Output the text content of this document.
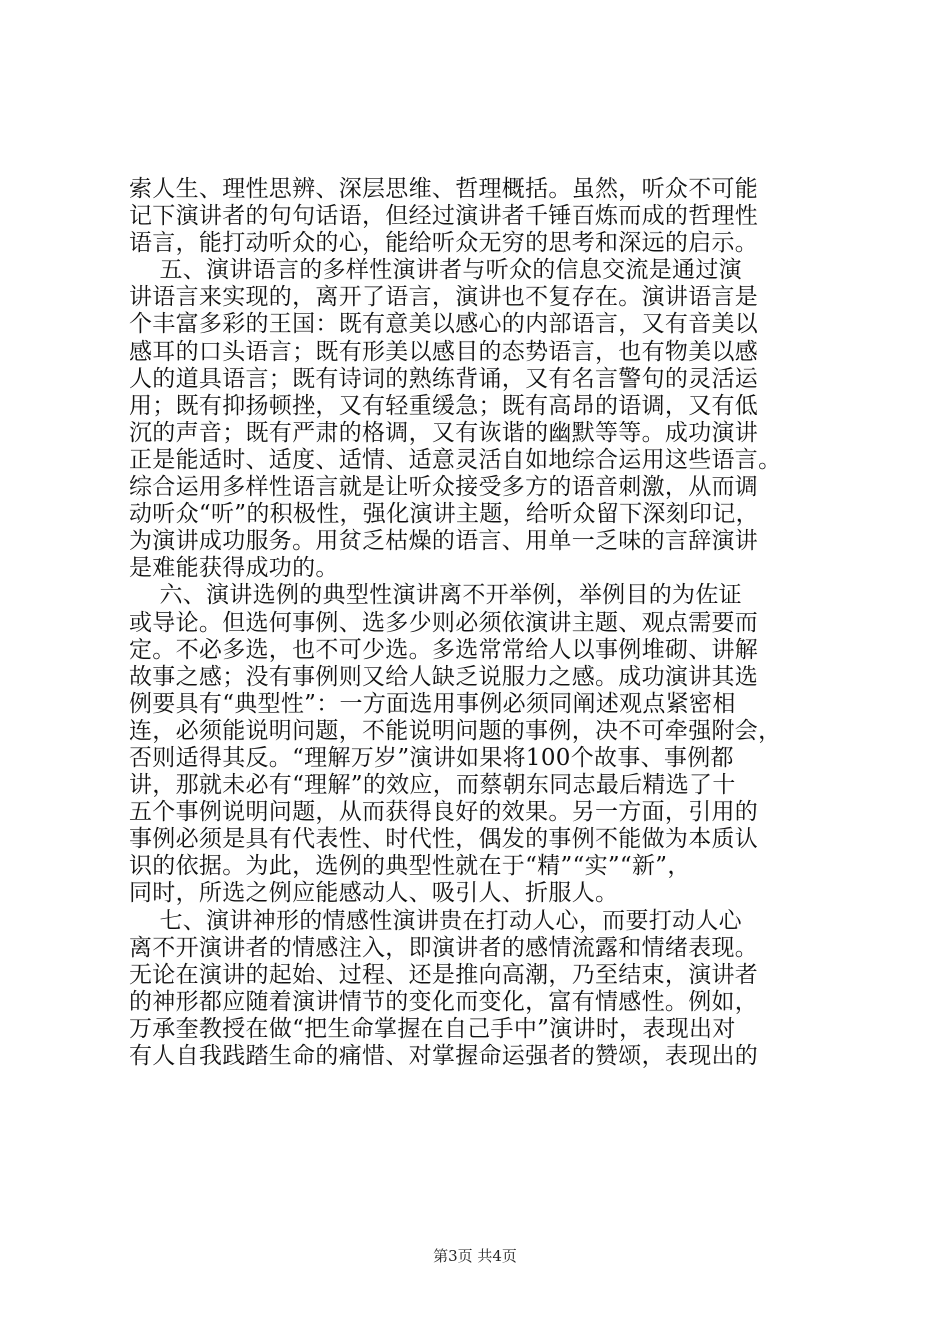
索人生、理性思辨、深层思维、哲理概括。虽然，听众不可能
记下演讲者的句句话语，但经过演讲者千锤百炼而成的哲理性
语言，能打动听众的心，能给听众无穷的思考和深远的启示。
五、演讲语言的多样性演讲者与听众的信息交流是通过演
讲语言来实现的，离开了语言，演讲也不复存在。演讲语言是
个丰富多彩的王国：既有意美以感心的内部语言，又有音美以
感耳的口头语言；既有形美以感目的态势语言，也有物美以感
人的道具语言；既有诗词的熟练背诵，又有名言警句的灵活运
用；既有抑扬顿挫，又有轻重缓急；既有高昂的语调，又有低
沉的声音；既有严肃的格调，又有诙谐的幽默等等。成功演讲
正是能适时、适度、适情、适意灵活自如地综合运用这些语言。
综合运用多样性语言就是让听众接受多方的语音刺激，从而调
动听众“听”的积极性，强化演讲主题，给听众留下深刻印记，
为演讲成功服务。用贫乏枯燥的语言、用单一乏味的言辞演讲
是难能获得成功的。
六、演讲选例的典型性演讲离不开举例，举例目的为佐证
或导论。但选何事例、选多少则必须依演讲主题、观点需要而
定。不必多选，也不可少选。多选常常给人以事例堆砌、讲解
故事之感；没有事例则又给人缺乏说服力之感。成功演讲其选
例要具有“典型性”：一方面选用事例必须同阐述观点紧密相
连，必须能说明问题，不能说明问题的事例，决不可牵强附会，
否则适得其反。“理解万岁”演讲如果将100个故事、事例都
讲，那就未必有“理解”的效应，而蔡朝东同志最后精选了十
五个事例说明问题，从而获得良好的效果。另一方面，引用的
事例必须是具有代表性、时代性，偶发的事例不能做为本质认
识的依据。为此，选例的典型性就在于“精”“实”“新”，
同时，所选之例应能感动人、吸引人、折服人。
七、演讲神形的情感性演讲贵在打动人心，而要打动人心
离不开演讲者的情感注入，即演讲者的感情流露和情绪表现。
无论在演讲的起始、过程、还是推向高潮，乃至结束，演讲者
的神形都应随着演讲情节的变化而变化，富有情感性。例如，
万承奎教授在做“把生命掌握在自己手中”演讲时，表现出对
有人自我践踏生命的痛惜、对掌握命运强者的赞颂，表现出的
第3页 共4页
